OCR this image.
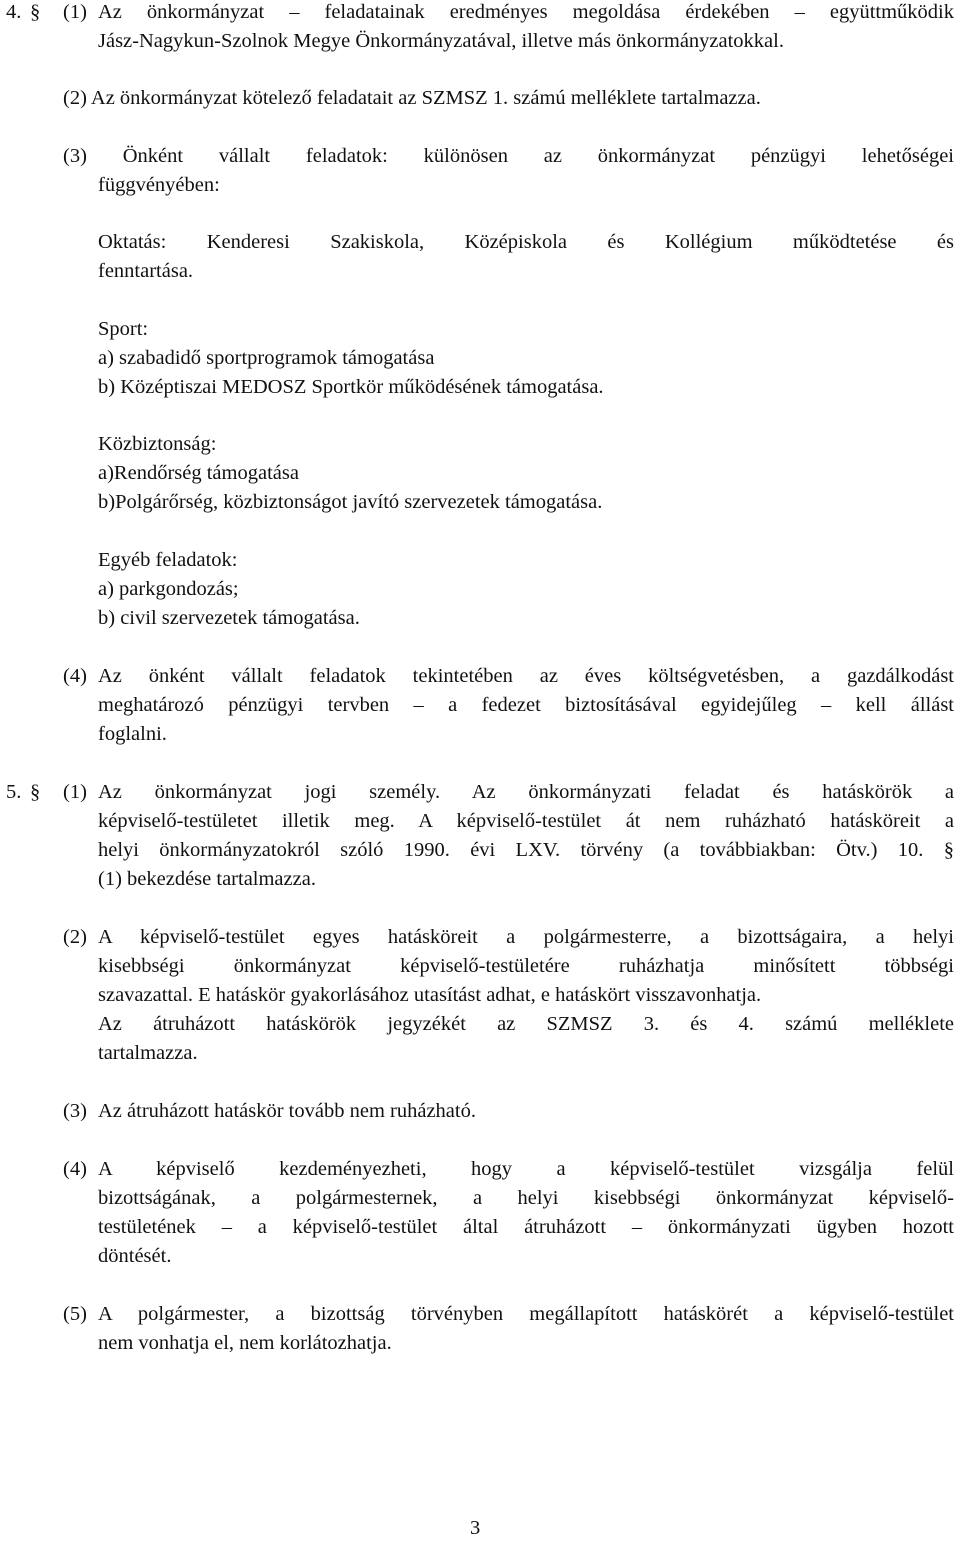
4. § (1) Az önkormányzat – feladatainak eredményes megoldása érdekében – együttműködik
Jász-Nagykun-Szolnok Megye Önkormányzatával, illetve más önkormányzatokkal.
(2) Az önkormányzat kötelező feladatait az SZMSZ 1. számú melléklete tartalmazza.
(3) Önként vállalt feladatok: különösen az önkormányzat pénzügyi lehetőségei
függvényében:
Oktatás: Kenderesi Szakiskola, Középiskola és Kollégium működtetése és
fenntartása.
Sport:
a) szabadidő sportprogramok támogatása
b) Középtiszai MEDOSZ Sportkör működésének támogatása.
Közbiztonság:
a)Rendőrség támogatása
b)Polgárőrség, közbiztonságot javító szervezetek támogatása.
Egyéb feladatok:
a) parkgondozás;
b) civil szervezetek támogatása.
(4) Az önként vállalt feladatok tekintetében az éves költségvetésben, a gazdálkodást
meghatározó pénzügyi tervben – a fedezet biztosításával egyidejűleg – kell állást
foglalni.
5. § (1) Az önkormányzat jogi személy. Az önkormányzati feladat és hatáskörök a
képviselő-testületet illetik meg. A képviselő-testület át nem ruházható hatásköreit a
helyi önkormányzatokról szóló 1990. évi LXV. törvény (a továbbiakban: Ötv.) 10. §
(1) bekezdése tartalmazza.
(2) A képviselő-testület egyes hatásköreit a polgármesterre, a bizottságaira, a helyi
kisebbségi önkormányzat képviselő-testületére ruházhatja minősített többségi
szavazattal. E hatáskör gyakorlásához utasítást adhat, e hatáskört visszavonhatja.
Az átruházott hatáskörök jegyzékét az SZMSZ 3. és 4. számú melléklete
tartalmazza.
(3) Az átruházott hatáskör tovább nem ruházható.
(4) A képviselő kezdeményezheti, hogy a képviselő-testület vizsgálja felül
bizottságának, a polgármesternek, a helyi kisebbségi önkormányzat képviselő-
testületének – a képviselő-testület által átruházott – önkormányzati ügyben hozott
döntését.
(5) A polgármester, a bizottság törvényben megállapított hatáskörét a képviselő-testület
nem vonhatja el, nem korlátozhatja.
3
